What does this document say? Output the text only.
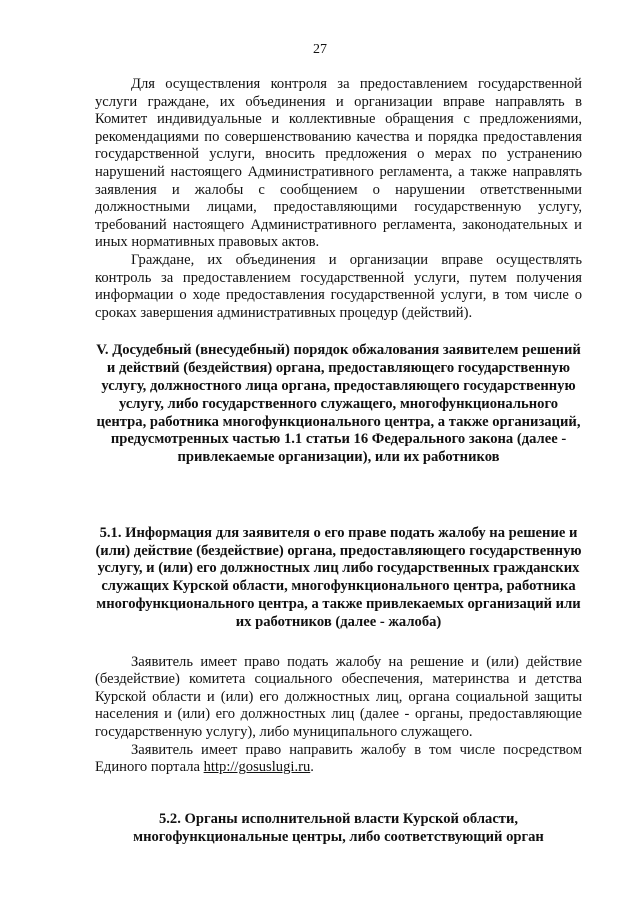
27

Для осуществления контроля за предоставлением государственной услуги граждане, их объединения и организации вправе направлять в Комитет индивидуальные и коллективные обращения с предложениями, рекомендациями по совершенствованию качества и порядка предоставления государственной услуги, вносить предложения о мерах по устранению нарушений настоящего Административного регламента, а также направлять заявления и жалобы с сообщением о нарушении ответственными должностными лицами, предоставляющими государственную услугу, требований настоящего Административного регламента, законодательных и иных нормативных правовых актов.

Граждане, их объединения и организации вправе осуществлять контроль за предоставлением государственной услуги, путем получения информации о ходе предоставления государственной услуги, в том числе о сроках завершения административных процедур (действий).

V. Досудебный (внесудебный) порядок обжалования заявителем решений и действий (бездействия) органа, предоставляющего государственную услугу, должностного лица органа, предоставляющего государственную услугу, либо государственного служащего, многофункционального центра, работника многофункционального центра, а также организаций, предусмотренных частью 1.1 статьи 16 Федерального закона (далее - привлекаемые организации), или их работников

5.1. Информация для заявителя о его праве подать жалобу на решение и (или) действие (бездействие) органа, предоставляющего государственную услугу, и (или) его должностных лиц либо государственных гражданских служащих Курской области, многофункционального центра, работника многофункционального центра, а также привлекаемых организаций или их работников (далее - жалоба)

Заявитель имеет право подать жалобу на решение и (или) действие (бездействие) комитета социального обеспечения, материнства и детства Курской области и (или) его должностных лиц, органа социальной защиты населения и (или) его должностных лиц (далее - органы, предоставляющие государственную услугу), либо муниципального служащего.

Заявитель имеет право направить жалобу в том числе посредством Единого портала http://gosuslugi.ru.

5.2. Органы исполнительной власти Курской области, многофункциональные центры, либо соответствующий орган
